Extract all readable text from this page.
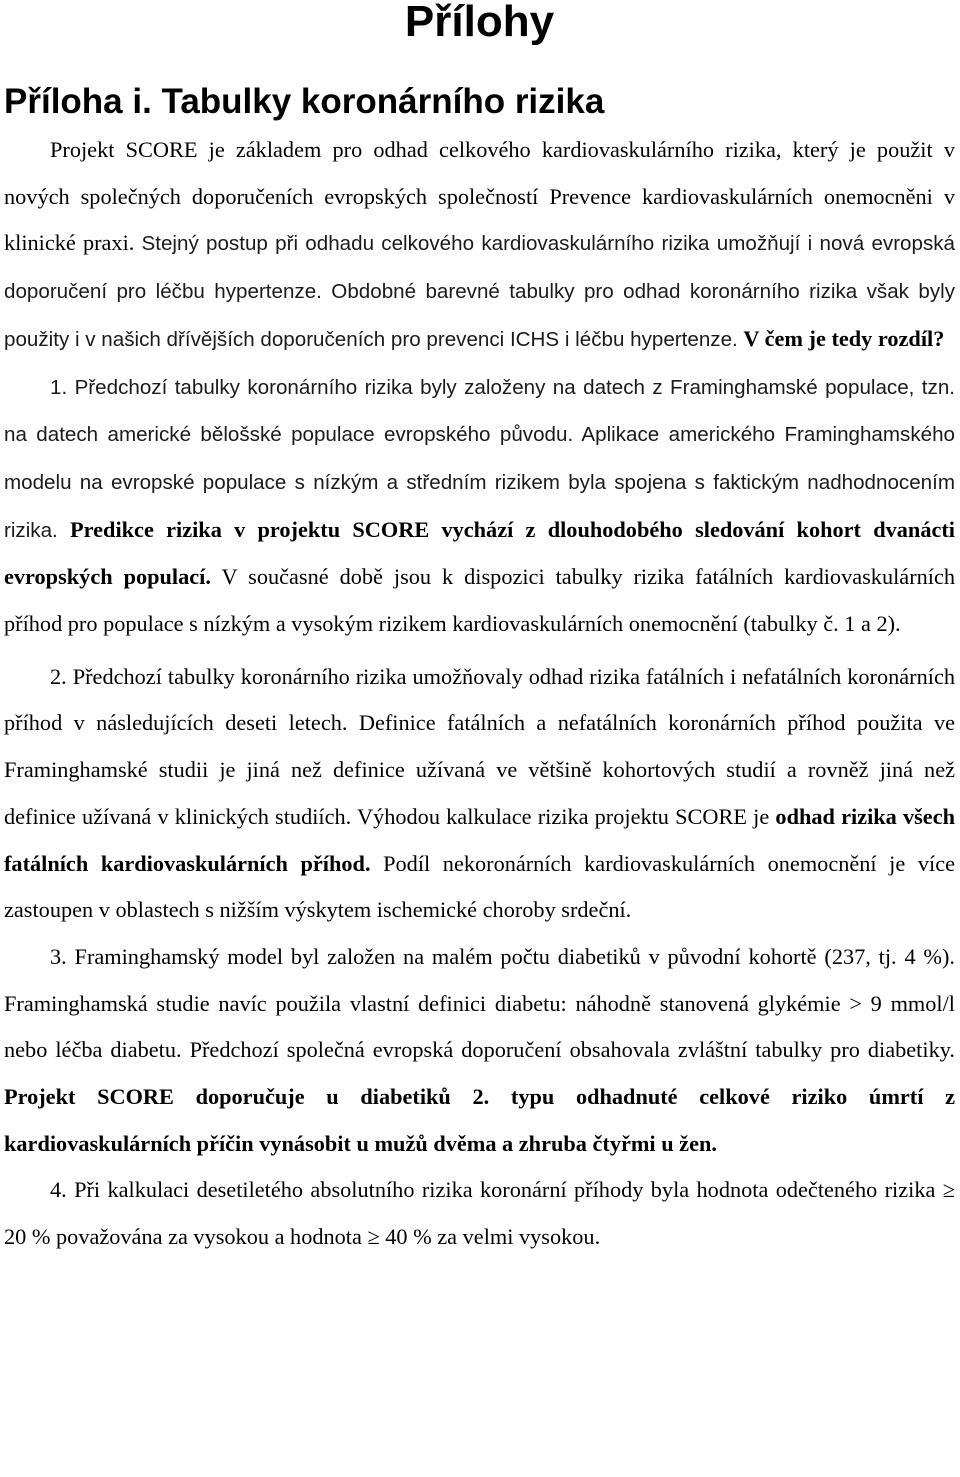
Přílohy
Příloha i. Tabulky koronárního rizika

Projekt SCORE je základem pro odhad celkového kardiovaskulárního rizika, který je použit v nových společných doporučeních evropských společností Prevence kardiovaskulárních onemocněni v klinické praxi. Stejný postup při odhadu celkového kardiovaskulárního rizika umožňují i nová evropská doporučení pro léčbu hypertenze. Obdobné barevné tabulky pro odhad koronárního rizika však byly použity i v našich dřívějších doporučeních pro prevenci ICHS i léčbu hypertenze. V čem je tedy rozdíl?

1. Předchozí tabulky koronárního rizika byly založeny na datech z Framinghamské populace, tzn. na datech americké bělošské populace evropského původu. Aplikace amerického Framinghamského modelu na evropské populace s nízkým a středním rizikem byla spojena s faktickým nadhodnocením rizika. Predikce rizika v projektu SCORE vychází z dlouhodobého sledování kohort dvanácti evropských populací. V současné době jsou k dispozici tabulky rizika fatálních kardiovaskulárních příhod pro populace s nízkým a vysokým rizikem kardiovaskulárních onemocnění (tabulky č. 1 a 2).

2. Předchozí tabulky koronárního rizika umožňovaly odhad rizika fatálních i nefatálních koronárních příhod v následujících deseti letech. Definice fatálních a nefatálních koronárních příhod použita ve Framinghamské studii je jiná než definice užívaná ve většině kohortových studií a rovněž jiná než definice užívaná v klinických studiích. Výhodou kalkulace rizika projektu SCORE je odhad rizika všech fatálních kardiovaskulárních příhod. Podíl nekoronárních kardiovaskulárních onemocnění je více zastoupen v oblastech s nižším výskytem ischemické choroby srdeční.

3. Framinghamský model byl založen na malém počtu diabetiků v původní kohortě (237, tj. 4 %). Framinghamská studie navíc použila vlastní definici diabetu: náhodně stanovená glykémie > 9 mmol/l nebo léčba diabetu. Předchozí společná evropská doporučení obsahovala zvláštní tabulky pro diabetiky. Projekt SCORE doporučuje u diabetiků 2. typu odhadnuté celkové riziko úmrtí z kardiovaskulárních příčin vynásobit u mužů dvěma a zhruba čtyřmi u žen.

4. Při kalkulaci desetiletého absolutního rizika koronární příhody byla hodnota odečteného rizika ≥ 20 % považována za vysokou a hodnota ≥ 40 % za velmi vysokou.
